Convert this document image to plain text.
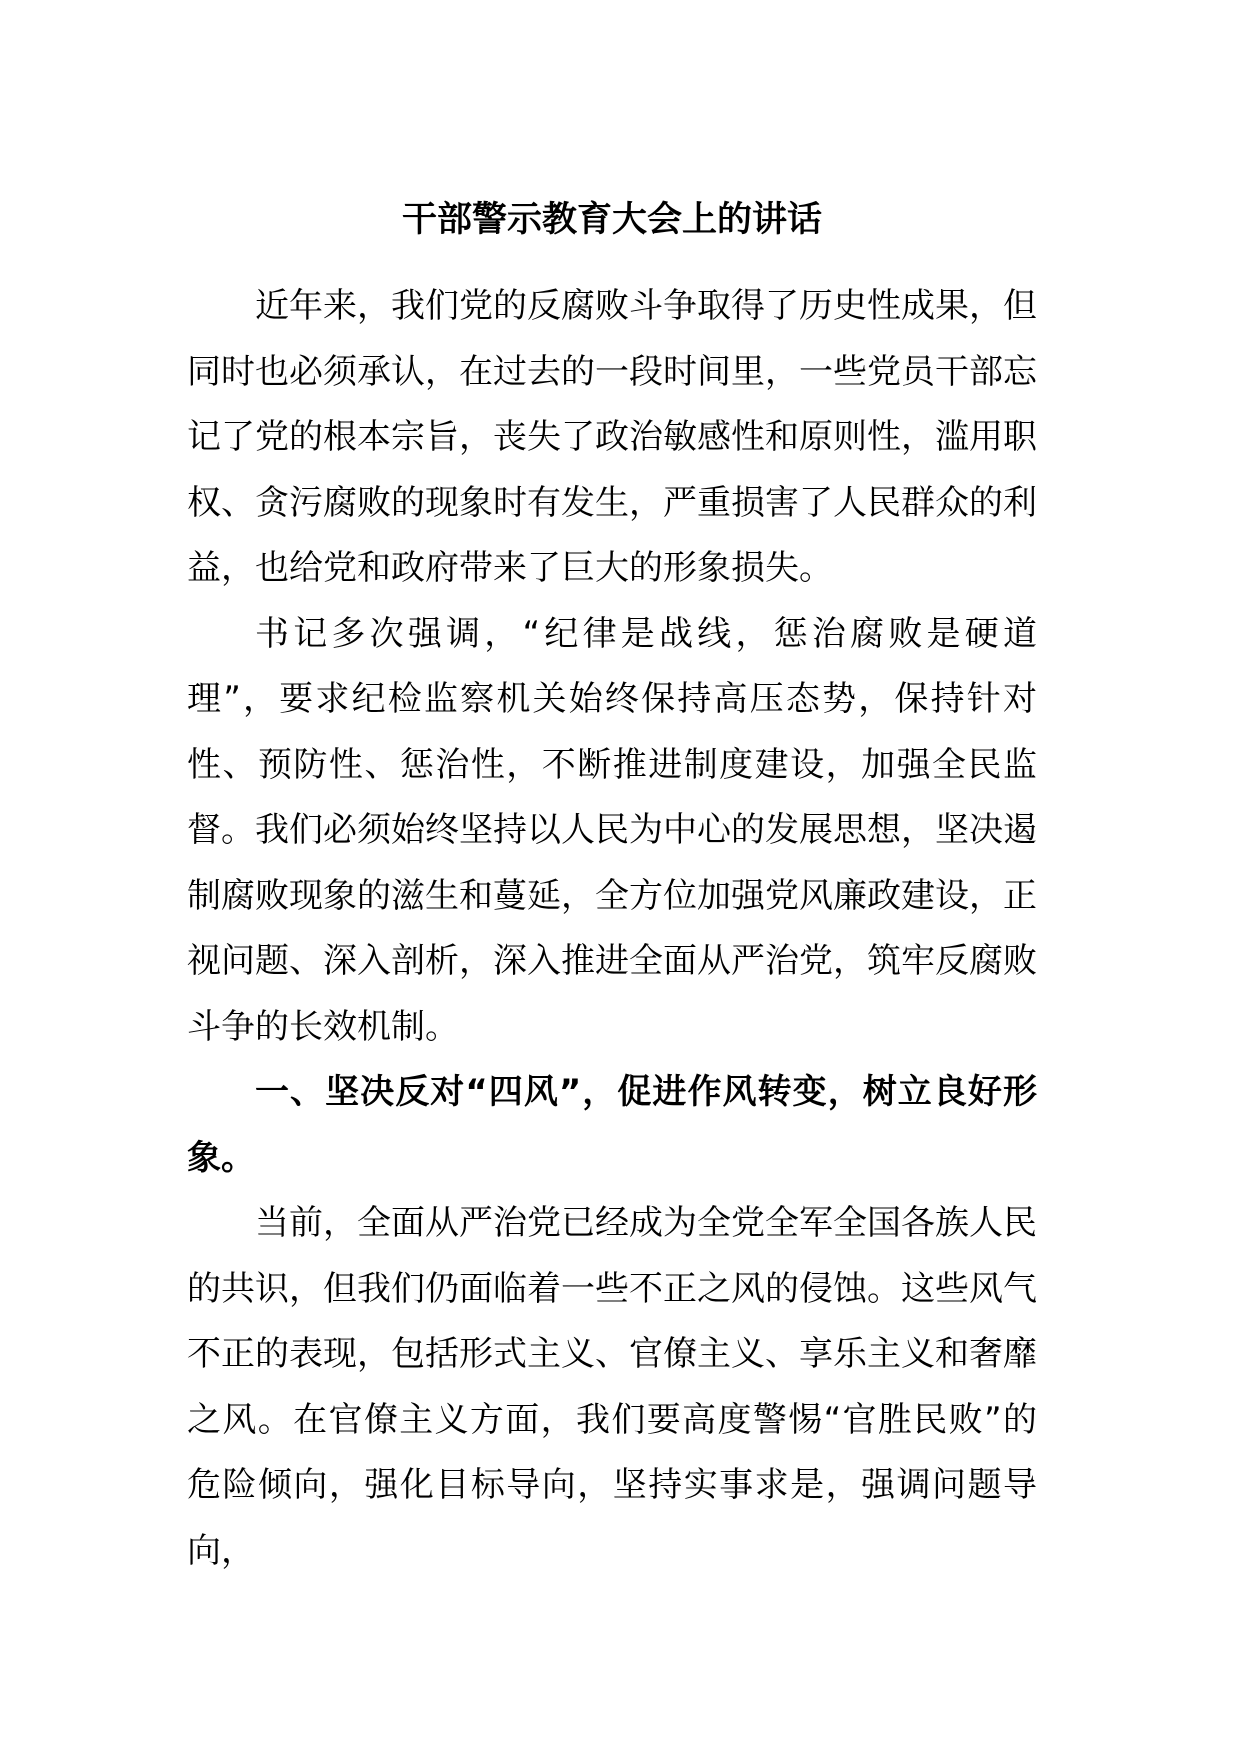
干部警示教育大会上的讲话

近年来，我们党的反腐败斗争取得了历史性成果，但同时也必须承认，在过去的一段时间里，一些党员干部忘记了党的根本宗旨，丧失了政治敏感性和原则性，滥用职权、贪污腐败的现象时有发生，严重损害了人民群众的利益，也给党和政府带来了巨大的形象损失。

书记多次强调，“纪律是战线，惩治腐败是硬道理”，要求纪检监察机关始终保持高压态势，保持针对性、预防性、惩治性，不断推进制度建设，加强全民监督。我们必须始终坚持以人民为中心的发展思想，坚决遏制腐败现象的滋生和蔓延，全方位加强党风廉政建设，正视问题、深入剖析，深入推进全面从严治党，筑牢反腐败斗争的长效机制。

一、坚决反对“四风”，促进作风转变，树立良好形象。

当前，全面从严治党已经成为全党全军全国各族人民的共识，但我们仍面临着一些不正之风的侵蚀。这些风气不正的表现，包括形式主义、官僚主义、享乐主义和奢靡之风。在官僚主义方面，我们要高度警惕“官胜民败”的危险倾向，强化目标导向，坚持实事求是，强调问题导向，
